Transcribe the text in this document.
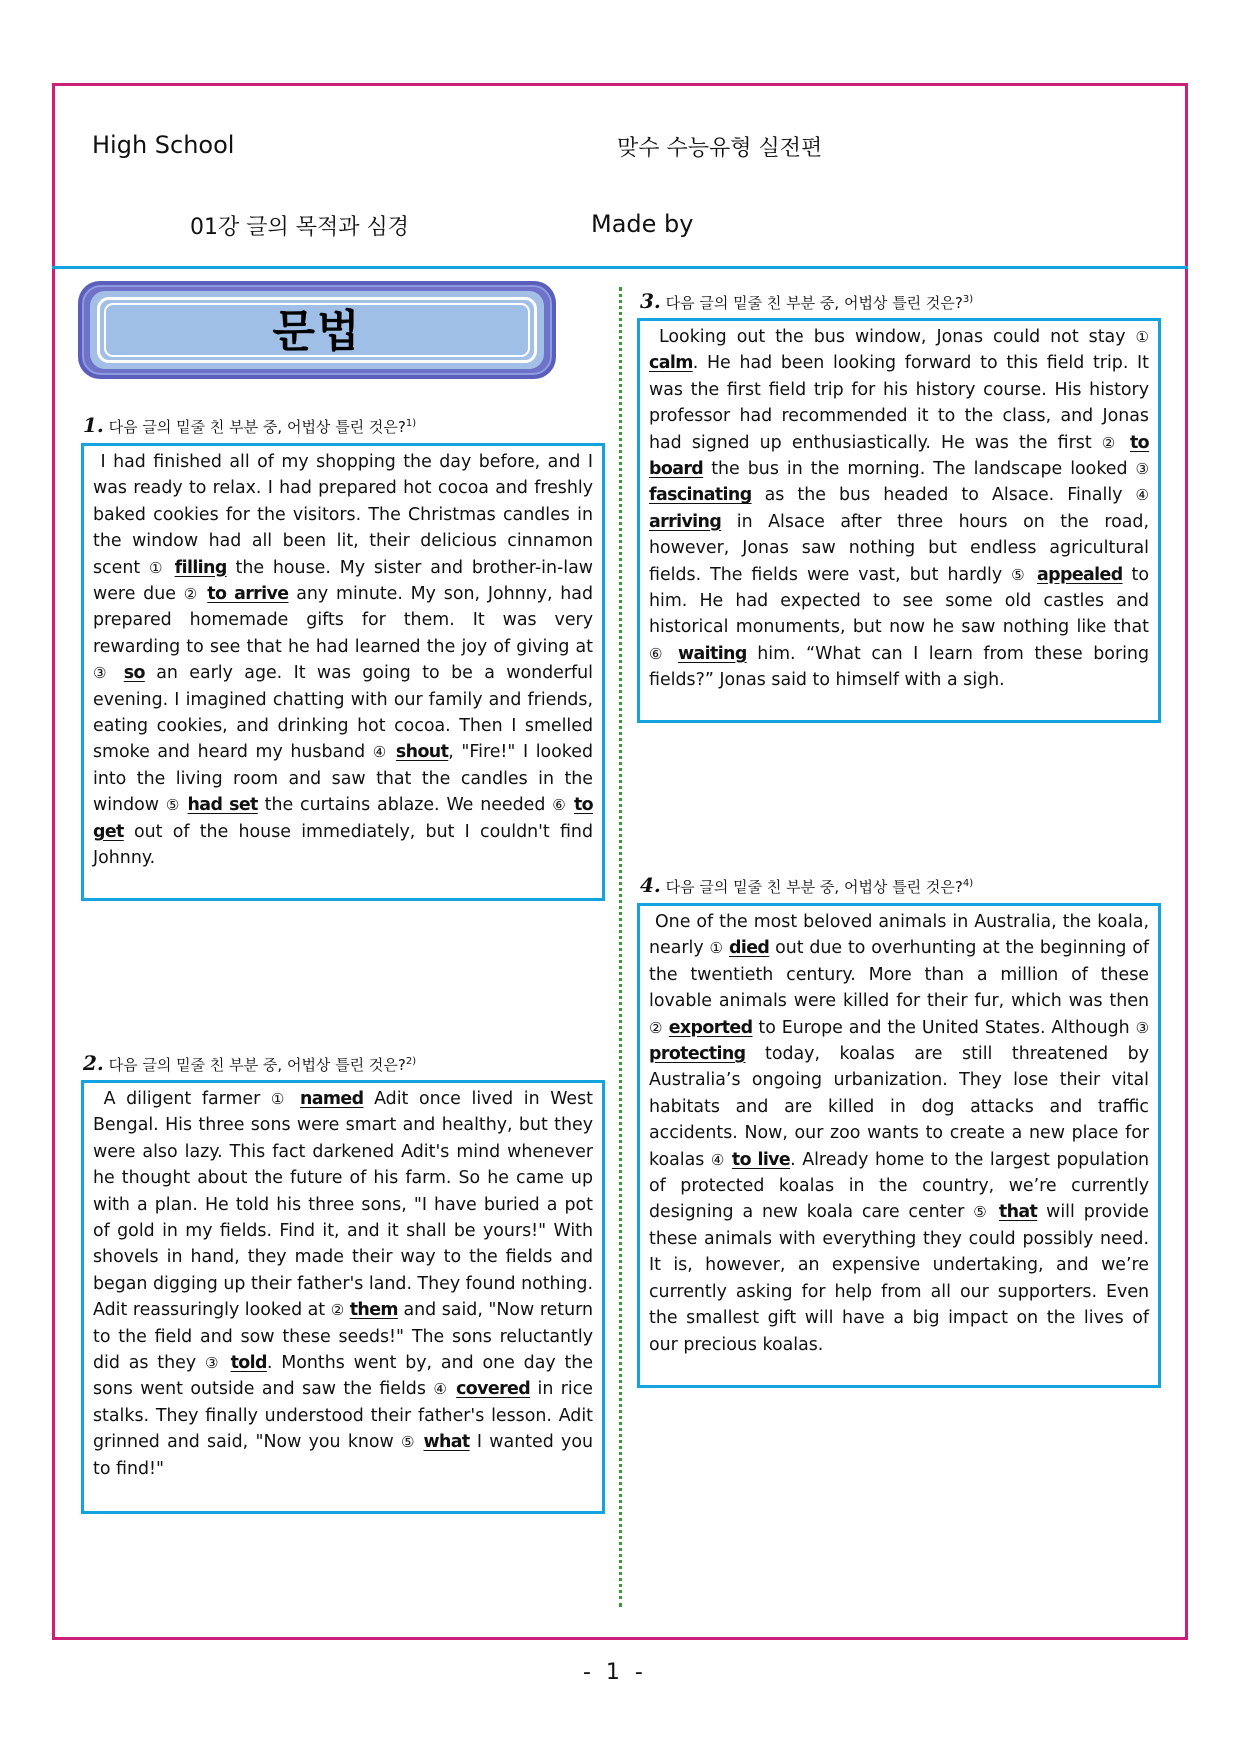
High School	맞수 수능유형 실전편
01강 글의 목적과 심경	Made by
문법
1. 다음 글의 밑줄 친 부분 중, 어법상 틀린 것은?$^{1)}$
I had finished all of my shopping the day before, and I was ready to relax. I had prepared hot cocoa and freshly baked cookies for the visitors. The Christmas candles in the window had all been lit, their delicious cinnamon scent ① filling the house. My sister and brother-in-law were due ② to arrive any minute. My son, Johnny, had prepared homemade gifts for them. It was very rewarding to see that he had learned the joy of giving at ③ so an early age. It was going to be a wonderful evening. I imagined chatting with our family and friends, eating cookies, and drinking hot cocoa. Then I smelled smoke and heard my husband ④ shout, "Fire!" I looked into the living room and saw that the candles in the window ⑤ had set the curtains ablaze. We needed ⑥ to get out of the house immediately, but I couldn't find Johnny.
2. 다음 글의 밑줄 친 부분 중, 어법상 틀린 것은?$^{2)}$
A diligent farmer ① named Adit once lived in West Bengal. His three sons were smart and healthy, but they were also lazy. This fact darkened Adit's mind whenever he thought about the future of his farm. So he came up with a plan. He told his three sons, "I have buried a pot of gold in my fields. Find it, and it shall be yours!" With shovels in hand, they made their way to the fields and began digging up their father's land. They found nothing. Adit reassuringly looked at ② them and said, "Now return to the field and sow these seeds!" The sons reluctantly did as they ③ told. Months went by, and one day the sons went outside and saw the fields ④ covered in rice stalks. They finally understood their father's lesson. Adit grinned and said, "Now you know ⑤ what I wanted you to find!"
3. 다음 글의 밑줄 친 부분 중, 어법상 틀린 것은?$^{3)}$
Looking out the bus window, Jonas could not stay ① calm. He had been looking forward to this field trip. It was the first field trip for his history course. His history professor had recommended it to the class, and Jonas had signed up enthusiastically. He was the first ② to board the bus in the morning. The landscape looked ③ fascinating as the bus headed to Alsace. Finally ④ arriving in Alsace after three hours on the road, however, Jonas saw nothing but endless agricultural fields. The fields were vast, but hardly ⑤ appealed to him. He had expected to see some old castles and historical monuments, but now he saw nothing like that ⑥ waiting him. “What can I learn from these boring fields?” Jonas said to himself with a sigh.
4. 다음 글의 밑줄 친 부분 중, 어법상 틀린 것은?$^{4)}$
One of the most beloved animals in Australia, the koala, nearly ① died out due to overhunting at the beginning of the twentieth century. More than a million of these lovable animals were killed for their fur, which was then ② exported to Europe and the United States. Although ③ protecting today, koalas are still threatened by Australia’s ongoing urbanization. They lose their vital habitats and are killed in dog attacks and traffic accidents. Now, our zoo wants to create a new place for koalas ④ to live. Already home to the largest population of protected koalas in the country, we’re currently designing a new koala care center ⑤ that will provide these animals with everything they could possibly need. It is, however, an expensive undertaking, and we’re currently asking for help from all our supporters. Even the smallest gift will have a big impact on the lives of our precious koalas.
- 1 -
